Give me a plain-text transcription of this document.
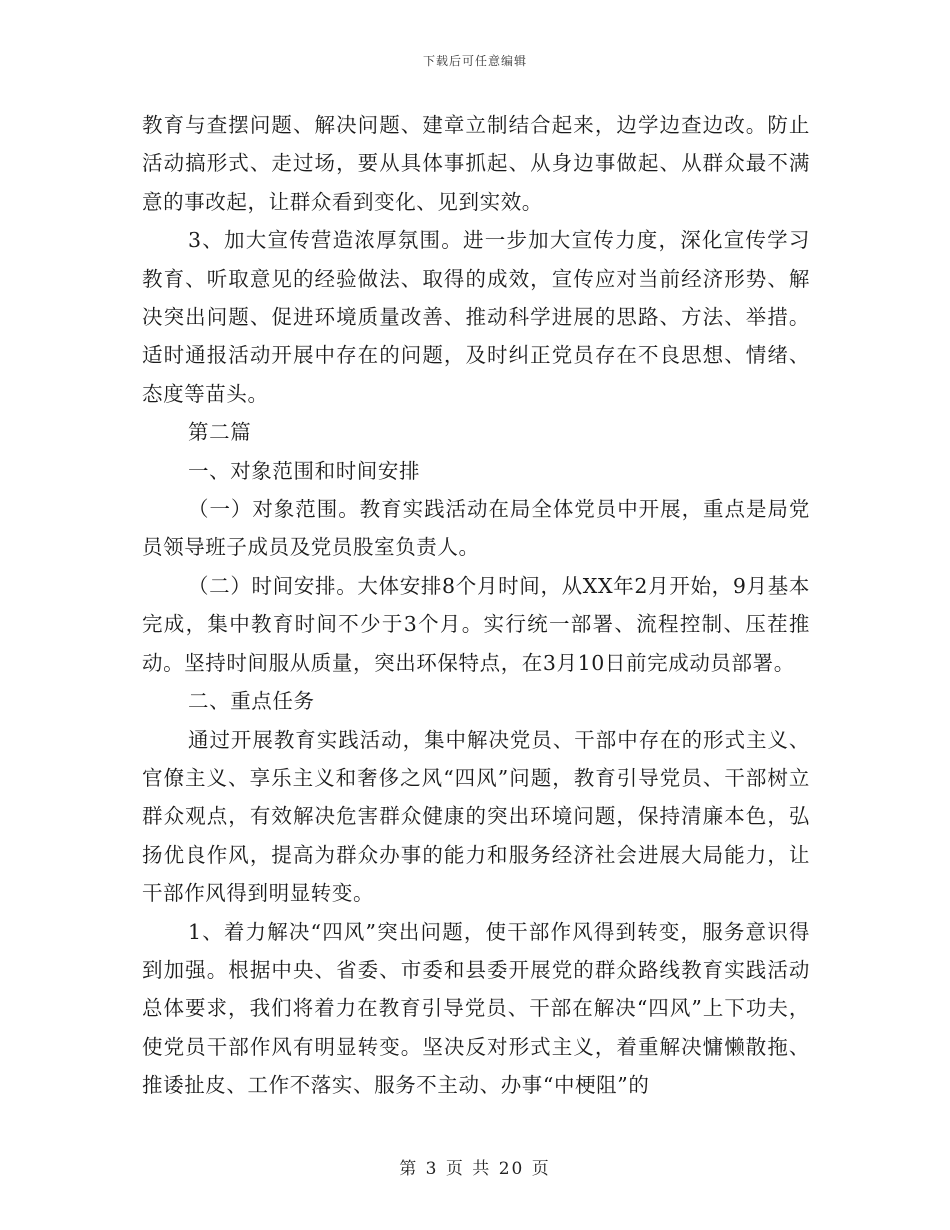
下载后可任意编辑

教育与查摆问题、解决问题、建章立制结合起来，边学边查边改。防止活动搞形式、走过场，要从具体事抓起、从身边事做起、从群众最不满意的事改起，让群众看到变化、见到实效。

3、加大宣传营造浓厚氛围。进一步加大宣传力度，深化宣传学习教育、听取意见的经验做法、取得的成效，宣传应对当前经济形势、解决突出问题、促进环境质量改善、推动科学进展的思路、方法、举措。适时通报活动开展中存在的问题，及时纠正党员存在不良思想、情绪、态度等苗头。

第二篇

一、对象范围和时间安排

（一）对象范围。教育实践活动在局全体党员中开展，重点是局党员领导班子成员及党员股室负责人。

（二）时间安排。大体安排8个月时间，从XX年2月开始，9月基本完成，集中教育时间不少于3个月。实行统一部署、流程控制、压茬推动。坚持时间服从质量，突出环保特点，在3月10日前完成动员部署。

二、重点任务

通过开展教育实践活动，集中解决党员、干部中存在的形式主义、官僚主义、享乐主义和奢侈之风“四风”问题，教育引导党员、干部树立群众观点，有效解决危害群众健康的突出环境问题，保持清廉本色，弘扬优良作风，提高为群众办事的能力和服务经济社会进展大局能力，让干部作风得到明显转变。

1、着力解决“四风”突出问题，使干部作风得到转变，服务意识得到加强。根据中央、省委、市委和县委开展党的群众路线教育实践活动总体要求，我们将着力在教育引导党员、干部在解决“四风”上下功夫，使党员干部作风有明显转变。坚决反对形式主义，着重解决慵懒散拖、推诿扯皮、工作不落实、服务不主动、办事“中梗阻”的

第 3 页 共 20 页
